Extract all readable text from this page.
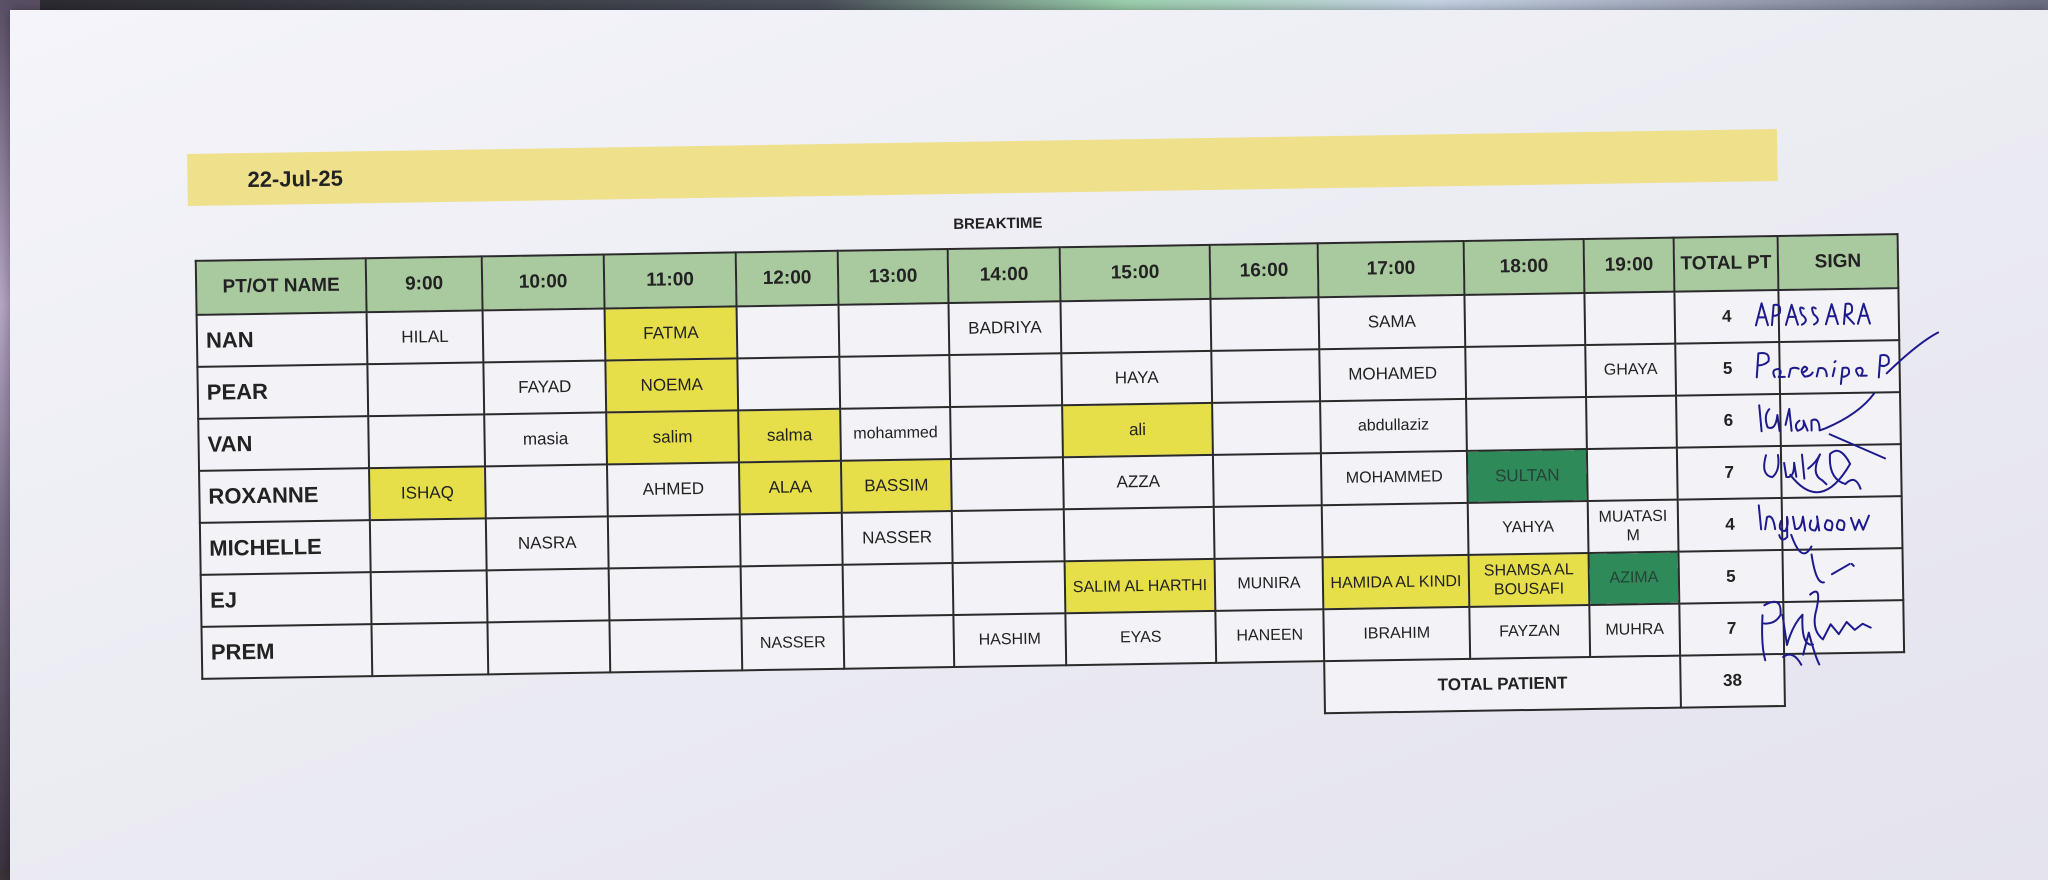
22-Jul-25
BREAKTIME
PT/OT NAME	9:00	10:00	11:00	12:00	13:00	14:00	15:00	16:00	17:00	18:00	19:00	TOTAL PT	SIGN
NAN	HILAL		FATMA			BADRIYA			SAMA			4	
PEAR		FAYAD	NOEMA				HAYA		MOHAMED		GHAYA	5	
VAN		masia	salim	salma	mohammed		ali		abdullaziz			6	
ROXANNE	ISHAQ		AHMED	ALAA	BASSIM		AZZA		MOHAMMED	SULTAN		7	
MICHELLE		NASRA			NASSER					YAHYA	MUATASI M	4	
EJ							SALIM AL HARTHI	MUNIRA	HAMIDA AL KINDI	SHAMSA AL BOUSAFI	AZIMA	5	
PREM				NASSER		HASHIM	EYAS	HANEEN	IBRAHIM	FAYZAN	MUHRA	7	
									TOTAL PATIENT			38	
